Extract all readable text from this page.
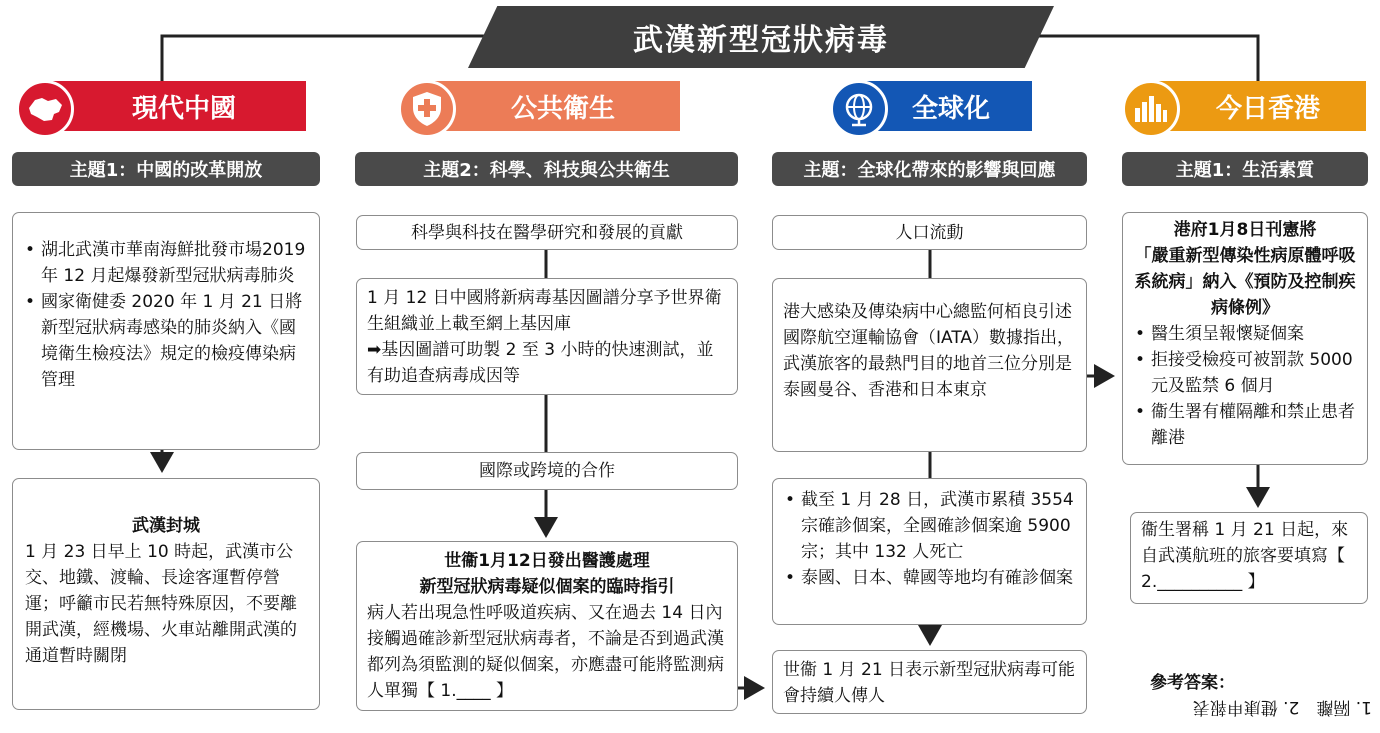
武漢新型冠狀病毒
現代中國	公共衛生	全球化	今日香港
主題1：中國的改革開放	主題2：科學、科技與公共衛生	主題：全球化帶來的影響與回應	主題1：生活素質
• 湖北武漢市華南海鮮批發市場2019 年 12 月起爆發新型冠狀病毒肺炎
• 國家衛健委 2020 年 1 月 21 日將新型冠狀病毒感染的肺炎納入《國境衛生檢疫法》規定的檢疫傳染病管理
武漢封城
1 月 23 日早上 10 時起，武漢市公交、地鐵、渡輪、長途客運暫停營運；呼籲市民若無特殊原因，不要離開武漢，經機場、火車站離開武漢的通道暫時關閉
科學與科技在醫學研究和發展的貢獻
1 月 12 日中國將新病毒基因圖譜分享予世界衛生組織並上載至網上基因庫
➡基因圖譜可助製 2 至 3 小時的快速測試，並有助追查病毒成因等
國際或跨境的合作
世衞1月12日發出醫護處理
新型冠狀病毒疑似個案的臨時指引
病人若出現急性呼吸道疾病、又在過去 14 日內接觸過確診新型冠狀病毒者，不論是否到過武漢都列為須監測的疑似個案，亦應盡可能將監測病人單獨【 1.____ 】
人口流動
港大感染及傳染病中心總監何栢良引述國際航空運輸協會（IATA）數據指出，武漢旅客的最熱門目的地首三位分別是泰國曼谷、香港和日本東京
• 截至 1 月 28 日，武漢市累積 3554 宗確診個案，全國確診個案逾 5900 宗；其中 132 人死亡
• 泰國、日本、韓國等地均有確診個案
世衞 1 月 21 日表示新型冠狀病毒可能會持續人傳人
港府1月8日刊憲將
「嚴重新型傳染性病原體呼吸系統病」納入《預防及控制疾病條例》
• 醫生須呈報懷疑個案
• 拒接受檢疫可被罰款 5000 元及監禁 6 個月
• 衞生署有權隔離和禁止患者離港
衞生署稱 1 月 21 日起，來自武漢航班的旅客要填寫【 2.__________ 】
參考答案：
1. 隔離　2. 健康申報表
